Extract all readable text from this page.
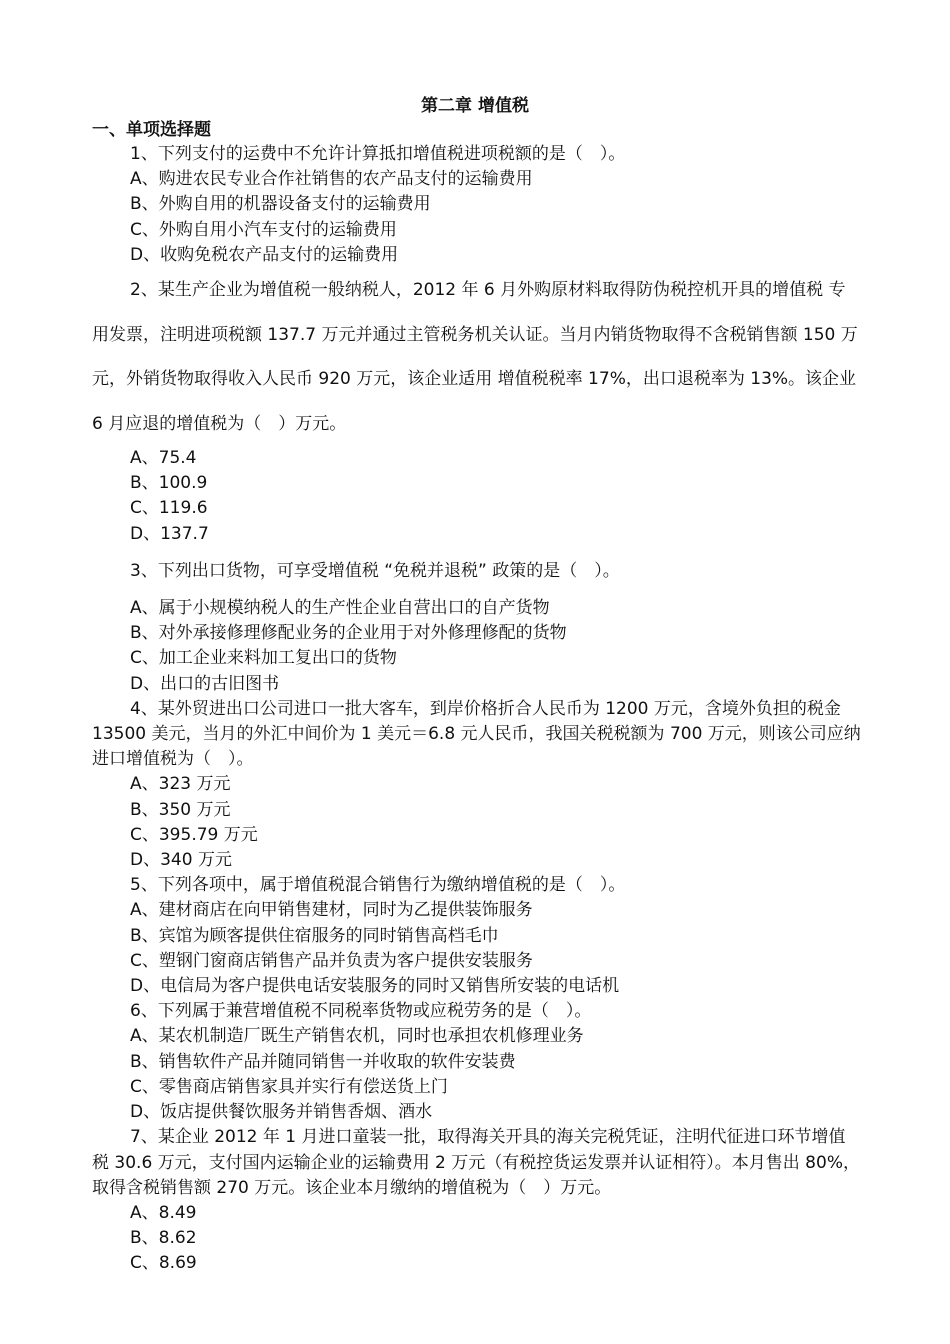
第二章 增值税
一、单项选择题

1、下列支付的运费中不允许计算抵扣增值税进项税额的是（　）。

A、购进农民专业合作社销售的农产品支付的运输费用

B、外购自用的机器设备支付的运输费用

C、外购自用小汽车支付的运输费用

D、收购免税农产品支付的运输费用

2、某生产企业为增值税一般纳税人，2012 年 6 月外购原材料取得防伪税控机开具的增值税 专用发票，注明进项税额 137.7 万元并通过主管税务机关认证。当月内销货物取得不含税销售额 150 万元，外销货物取得收入人民币 920 万元，该企业适用 增值税税率 17%，出口退税率为 13%。该企业 6 月应退的增值税为（　）万元。

A、75.4

B、100.9

C、119.6

D、137.7

3、下列出口货物，可享受增值税 “免税并退税” 政策的是（　）。

A、属于小规模纳税人的生产性企业自营出口的自产货物

B、对外承接修理修配业务的企业用于对外修理修配的货物

C、加工企业来料加工复出口的货物

D、出口的古旧图书

4、某外贸进出口公司进口一批大客车，到岸价格折合人民币为 1200 万元，含境外负担的税金 13500 美元，当月的外汇中间价为 1 美元＝6.8 元人民币，我国关税税额为 700 万元，则该公司应纳进口增值税为（　）。

A、323 万元

B、350 万元

C、395.79 万元

D、340 万元

5、下列各项中，属于增值税混合销售行为缴纳增值税的是（　）。

A、建材商店在向甲销售建材，同时为乙提供装饰服务

B、宾馆为顾客提供住宿服务的同时销售高档毛巾

C、塑钢门窗商店销售产品并负责为客户提供安装服务

D、电信局为客户提供电话安装服务的同时又销售所安装的电话机

6、下列属于兼营增值税不同税率货物或应税劳务的是（　）。

A、某农机制造厂既生产销售农机，同时也承担农机修理业务

B、销售软件产品并随同销售一并收取的软件安装费

C、零售商店销售家具并实行有偿送货上门

D、饭店提供餐饮服务并销售香烟、酒水

7、某企业 2012 年 1 月进口童装一批，取得海关开具的海关完税凭证，注明代征进口环节增值税 30.6 万元，支付国内运输企业的运输费用 2 万元（有税控货运发票并认证相符）。本月售出 80%，取得含税销售额 270 万元。该企业本月缴纳的增值税为（　）万元。

A、8.49

B、8.62

C、8.69
